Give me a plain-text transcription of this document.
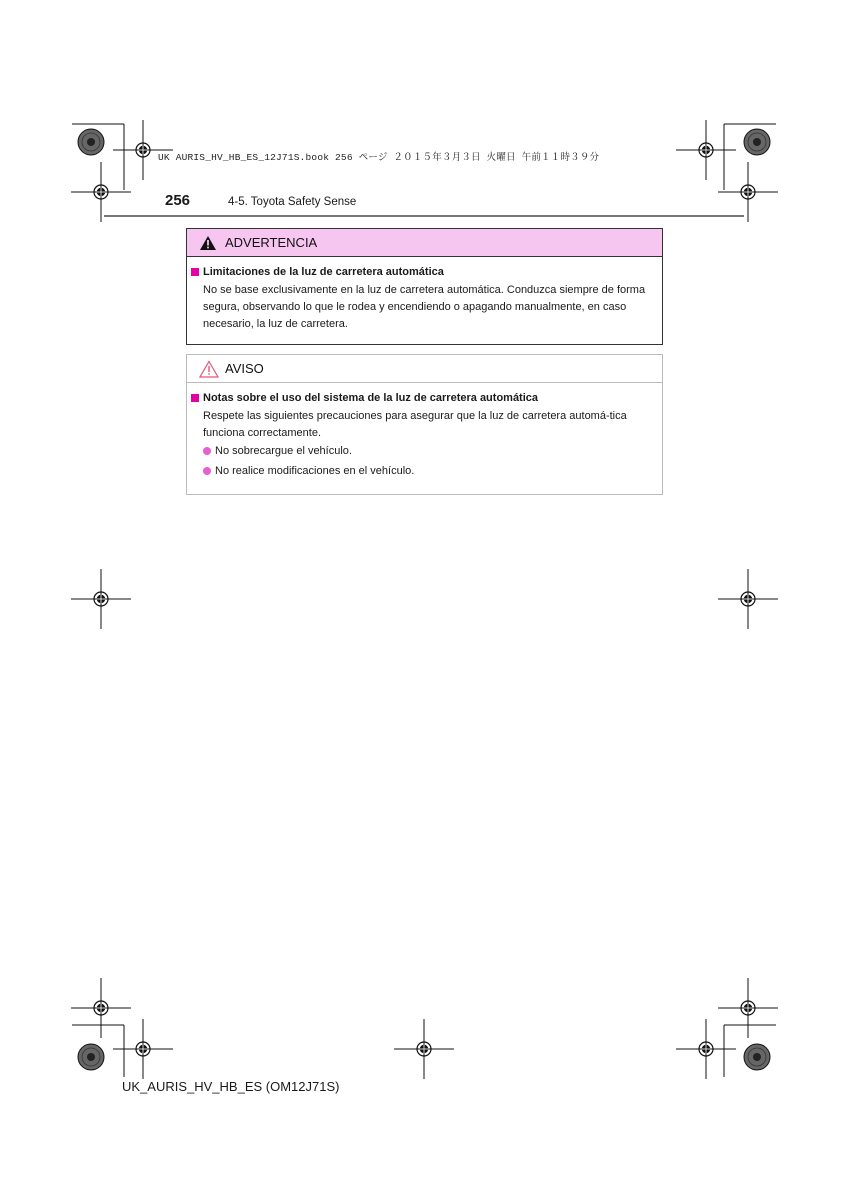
UK AURIS_HV_HB_ES_12J71S.book 256 ページ ２０１５年３月３日 火曜日 午前１１時３９分
256	4-5. Toyota Safety Sense
ADVERTENCIA
Limitaciones de la luz de carretera automática
No se base exclusivamente en la luz de carretera automática. Conduzca siempre de forma segura, observando lo que le rodea y encendiendo o apagando manualmente, en caso necesario, la luz de carretera.
AVISO
Notas sobre el uso del sistema de la luz de carretera automática
Respete las siguientes precauciones para asegurar que la luz de carretera automá-tica funciona correctamente.
No sobrecargue el vehículo.
No realice modificaciones en el vehículo.
UK_AURIS_HV_HB_ES (OM12J71S)
